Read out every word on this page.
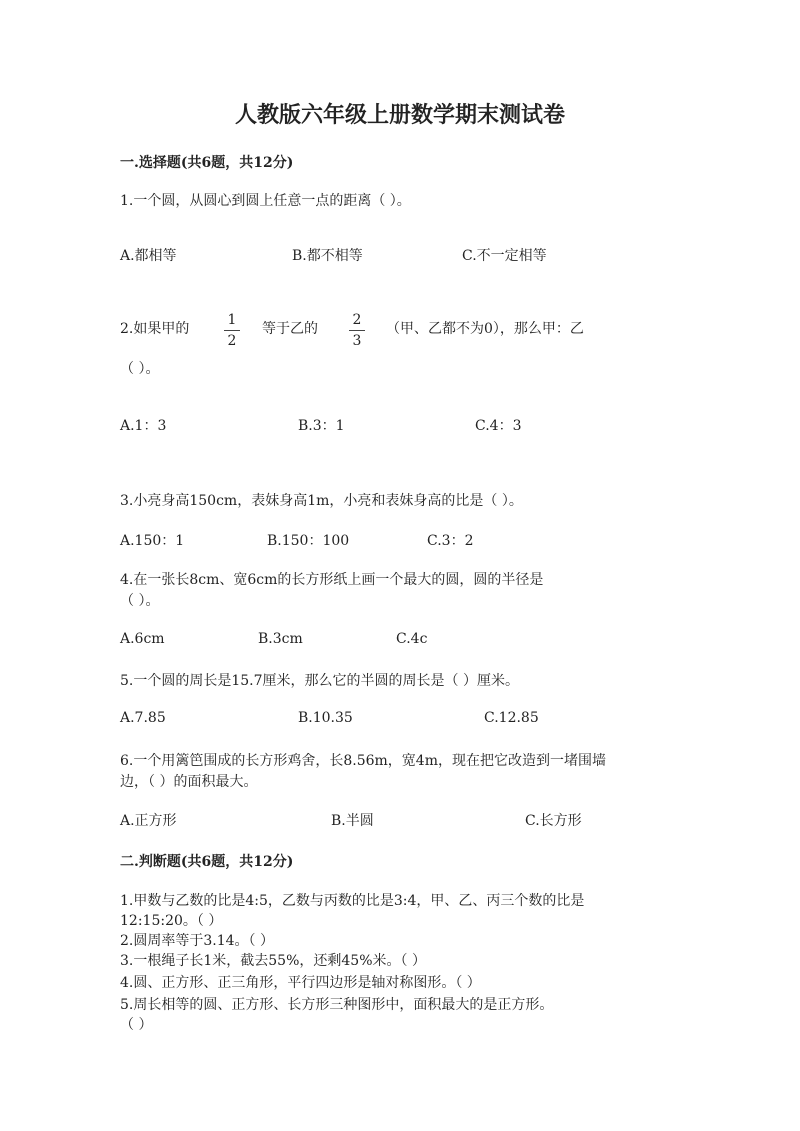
人教版六年级上册数学期末测试卷
一.选择题(共6题，共12分)
1.一个圆，从圆心到圆上任意一点的距离（ ）。
A.都相等	B.都不相等	C.不一定相等
2.如果甲的 $\frac{1}{2}$ 等于乙的 $\frac{2}{3}$ （甲、乙都不为0），那么甲：乙
（ ）。
A.1：3	B.3：1	C.4：3
3.小亮身高150cm，表妹身高1m，小亮和表妹身高的比是（ ）。
A.150：1	B.150：100	C.3：2
4.在一张长8cm、宽6cm的长方形纸上画一个最大的圆，圆的半径是
（ ）。
A.6cm	B.3cm	C.4c
5.一个圆的周长是15.7厘米，那么它的半圆的周长是（ ）厘米。
A.7.85	B.10.35	C.12.85
6.一个用篱笆围成的长方形鸡舍，长8.56m，宽4m，现在把它改造到一堵围墙
边，（ ）的面积最大。
A.正方形	B.半圆	C.长方形
二.判断题(共6题，共12分)
1.甲数与乙数的比是4:5，乙数与丙数的比是3:4，甲、乙、丙三个数的比是
12:15:20。（ ）
2.圆周率等于3.14。（ ）
3.一根绳子长1米，截去55%，还剩45%米。（ ）
4.圆、正方形、正三角形，平行四边形是轴对称图形。（ ）
5.周长相等的圆、正方形、长方形三种图形中，面积最大的是正方形。
（ ）
